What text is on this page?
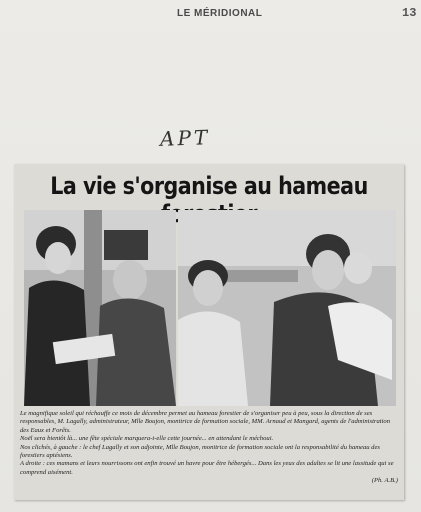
LE MÉRIDIONAL	13
APT
La vie s'organise au hameau

Le magnifique soleil qui réchauffe ce mois de décembre permet au hameau forestier de s'organiser peu à peu, sous la direction de ses responsables, M. Lagally, administrateur, Mlle Boujon, monitrice de formation sociale, MM. Arnaud et Mangard, agents de l'administration des Eaux et Forêts.

Noël sera bientôt là... une fête spéciale marquera-t-elle cette journée... en attendant le méchoui.

Nos clichés, à gauche : le chef Lagally et son adjointe, Mlle Boujon, monitrice de formation sociale ont la responsabilité du hameau des forestiers aptésiens.

A droite : ces mamans et leurs nourrissons ont enfin trouvé un havre pour être hébergés... Dans les yeux des adultes se lit une lassitude qui se comprend aisément.

(Ph. A.B.)
